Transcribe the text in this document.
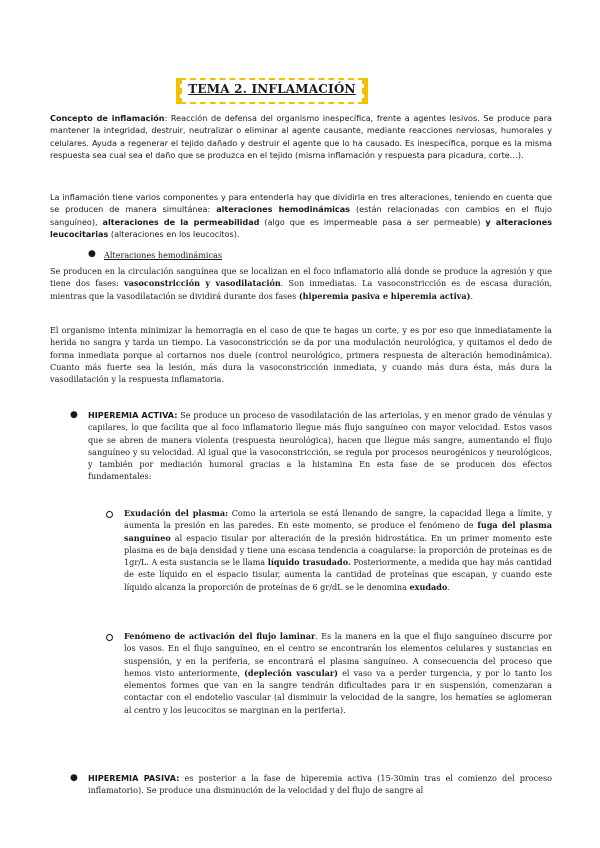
TEMA 2. INFLAMACIÓN

Concepto de inflamación: Reacción de defensa del organismo inespecífica, frente a agentes lesivos. Se produce para mantener la integridad, destruir, neutralizar o eliminar al agente causante, mediante reacciones nerviosas, humorales y celulares. Ayuda a regenerar el tejido dañado y destruir el agente que lo ha causado. Es inespecífica, porque es la misma respuesta sea cual sea el daño que se produzca en el tejido (misma inflamación y respuesta para picadura, corte…).

La inflamación tiene varios componentes y para entenderla hay que dividirla en tres alteraciones, teniendo en cuenta que se producen de manera simultánea: alteraciones hemodinámicas (están relacionadas con cambios en el flujo sanguíneo), alteraciones de la permeabilidad (algo que es impermeable pasa a ser permeable) y alteraciones leucocitarias (alteraciones en los leucocitos).

● Alteraciones hemodinámicas

Se producen en la circulación sanguínea que se localizan en el foco inflamatorio allá donde se produce la agresión y que tiene dos fases: vasoconstricción y vasodilatación. Son inmediatas. La vasoconstricción es de escasa duración, mientras que la vasodilatación se dividirá durante dos fases (hiperemia pasiva e hiperemia activa).

El organismo intenta minimizar la hemorragia en el caso de que te hagas un corte, y es por eso que inmediatamente la herida no sangra y tarda un tiempo. La vasoconstricción se da por una modulación neurológica, y quitamos el dedo de forma inmediata porque al cortarnos nos duele (control neurológico, primera respuesta de alteración hemodinámica). Cuanto más fuerte sea la lesión, más dura la vasoconstricción inmediata, y cuando más dura ésta, más dura la vasodilatación y la respuesta inflamatoria.

● HIPEREMIA ACTIVA: Se produce un proceso de vasodilatación de las arteriolas, y en menor grado de vénulas y capilares, lo que facilita que al foco inflamatorio llegue más flujo sanguíneo con mayor velocidad. Estos vasos que se abren de manera violenta (respuesta neurológica), hacen que llegue más sangre, aumentando el flujo sanguíneo y su velocidad. Al igual que la vasoconstricción, se regula por procesos neurogénicos y neurológicos, y también por mediación humoral gracias a la histamina En esta fase de se producen dos efectos fundamentales:

Exudación del plasma: Como la arteriola se está llenando de sangre, la capacidad llega a límite, y aumenta la presión en las paredes. En este momento, se produce el fenómeno de fuga del plasma sanguíneo al espacio tisular por alteración de la presión hidrostática. En un primer momento este plasma es de baja densidad y tiene una escasa tendencia a coagularse: la proporción de proteínas es de 1gr/L. A esta sustancia se le llama líquido trasudado. Posteriormente, a medida que hay más cantidad de este líquido en el espacio tisular, aumenta la cantidad de proteínas que escapan, y cuando este líquido alcanza la proporción de proteínas de 6 gr/dL se le denomina exudado.

Fenómeno de activación del flujo laminar. Es la manera en la que el flujo sanguíneo discurre por los vasos. En el flujo sanguíneo, en el centro se encontrarán los elementos celulares y sustancias en suspensión, y en la periferia, se encontrará el plasma sanguíneo. A consecuencia del proceso que hemos visto anteriormente, (depleción vascular) el vaso va a perder turgencia, y por lo tanto los elementos formes que van en la sangre tendrán dificultades para ir en suspensión, comenzaran a contactar con el endotelio vascular (al disminuir la velocidad de la sangre, los hematíes se aglomeran al centro y los leucocitos se marginan en la periferia).

● HIPEREMIA PASIVA: es posterior a la fase de hiperemia activa (15-30min tras el comienzo del proceso inflamatorio). Se produce una disminución de la velocidad y del flujo de sangre al
